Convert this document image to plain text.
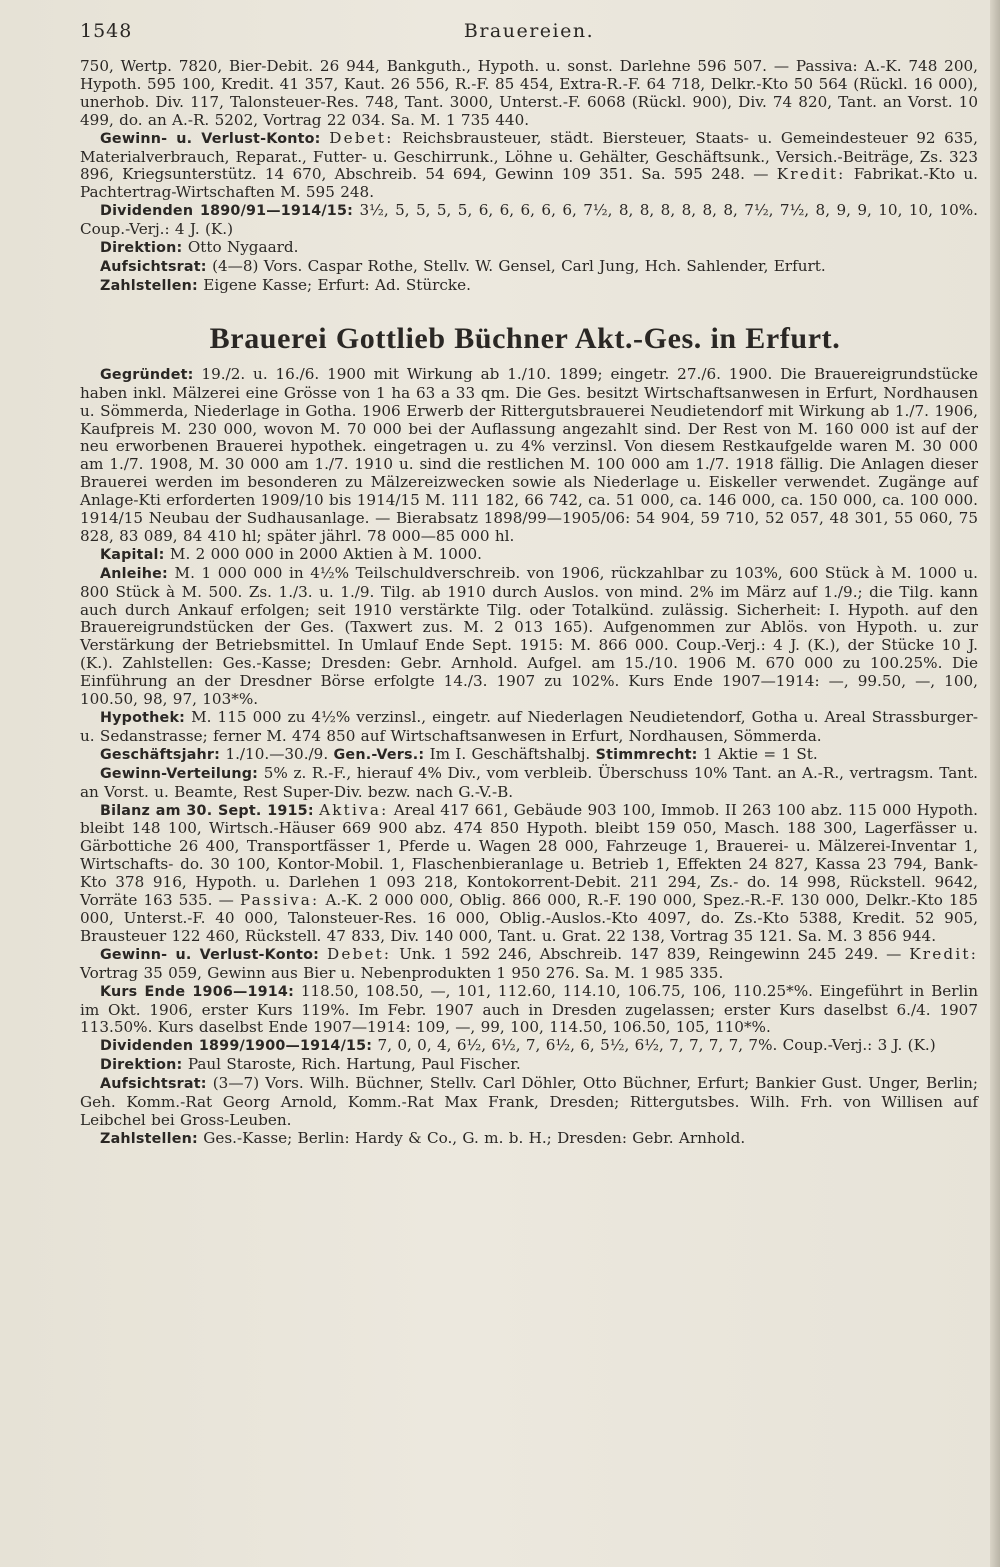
1548	Brauereien.

750, Wertp. 7820, Bier-Debit. 26 944, Bankguth., Hypoth. u. sonst. Darlehne 596 507. — Passiva: A.-K. 748 200, Hypoth. 595 100, Kredit. 41 357, Kaut. 26 556, R.-F. 85 454, Extra-R.-F. 64 718, Delkr.-Kto 50 564 (Rückl. 16 000), unerhob. Div. 117, Talonsteuer-Res. 748, Tant. 3000, Unterst.-F. 6068 (Rückl. 900), Div. 74 820, Tant. an Vorst. 10 499, do. an A.-R. 5202, Vortrag 22 034. Sa. M. 1 735 440.

Gewinn- u. Verlust-Konto: Debet: Reichsbrausteuer, städt. Biersteuer, Staats- u. Gemeindesteuer 92 635, Materialverbrauch, Reparat., Futter- u. Geschirrunk., Löhne u. Gehälter, Geschäftsunk., Versich.-Beiträge, Zs. 323 896, Kriegsunterstütz. 14 670, Abschreib. 54 694, Gewinn 109 351. Sa. 595 248. — Kredit: Fabrikat.-Kto u. Pachtertrag-Wirtschaften M. 595 248.

Dividenden 1890/91—1914/15: 3½, 5, 5, 5, 5, 6, 6, 6, 6, 6, 7½, 8, 8, 8, 8, 8, 8, 7½, 7½, 8, 9, 9, 10, 10, 10%. Coup.-Verj.: 4 J. (K.)

Direktion: Otto Nygaard.

Aufsichtsrat: (4—8) Vors. Caspar Rothe, Stellv. W. Gensel, Carl Jung, Hch. Sahlender, Erfurt.

Zahlstellen: Eigene Kasse; Erfurt: Ad. Stürcke.

Brauerei Gottlieb Büchner Akt.-Ges. in Erfurt.

Gegründet: 19./2. u. 16./6. 1900 mit Wirkung ab 1./10. 1899; eingetr. 27./6. 1900. Die Brauereigrundstücke haben inkl. Mälzerei eine Grösse von 1 ha 63 a 33 qm. Die Ges. besitzt Wirtschaftsanwesen in Erfurt, Nordhausen u. Sömmerda, Niederlage in Gotha. 1906 Erwerb der Rittergutsbrauerei Neudietendorf mit Wirkung ab 1./7. 1906, Kaufpreis M. 230 000, wovon M. 70 000 bei der Auflassung angezahlt sind. Der Rest von M. 160 000 ist auf der neu erworbenen Brauerei hypothek. eingetragen u. zu 4% verzinsl. Von diesem Restkaufgelde waren M. 30 000 am 1./7. 1908, M. 30 000 am 1./7. 1910 u. sind die restlichen M. 100 000 am 1./7. 1918 fällig. Die Anlagen dieser Brauerei werden im besonderen zu Mälzereizwecken sowie als Niederlage u. Eiskeller verwendet. Zugänge auf Anlage-Kti erforderten 1909/10 bis 1914/15 M. 111 182, 66 742, ca. 51 000, ca. 146 000, ca. 150 000, ca. 100 000. 1914/15 Neubau der Sudhausanlage. — Bierabsatz 1898/99—1905/06: 54 904, 59 710, 52 057, 48 301, 55 060, 75 828, 83 089, 84 410 hl; später jährl. 78 000—85 000 hl.

Kapital: M. 2 000 000 in 2000 Aktien à M. 1000.

Anleihe: M. 1 000 000 in 4½% Teilschuldverschreib. von 1906, rückzahlbar zu 103%, 600 Stück à M. 1000 u. 800 Stück à M. 500. Zs. 1./3. u. 1./9. Tilg. ab 1910 durch Auslos. von mind. 2% im März auf 1./9.; die Tilg. kann auch durch Ankauf erfolgen; seit 1910 verstärkte Tilg. oder Totalkünd. zulässig. Sicherheit: I. Hypoth. auf den Brauereigrundstücken der Ges. (Taxwert zus. M. 2 013 165). Aufgenommen zur Ablös. von Hypoth. u. zur Verstärkung der Betriebsmittel. In Umlauf Ende Sept. 1915: M. 866 000. Coup.-Verj.: 4 J. (K.), der Stücke 10 J. (K.). Zahlstellen: Ges.-Kasse; Dresden: Gebr. Arnhold. Aufgel. am 15./10. 1906 M. 670 000 zu 100.25%. Die Einführung an der Dresdner Börse erfolgte 14./3. 1907 zu 102%. Kurs Ende 1907—1914: —, 99.50, —, 100, 100.50, 98, 97, 103*%.

Hypothek: M. 115 000 zu 4½% verzinsl., eingetr. auf Niederlagen Neudietendorf, Gotha u. Areal Strassburger- u. Sedanstrasse; ferner M. 474 850 auf Wirtschaftsanwesen in Erfurt, Nordhausen, Sömmerda.

Geschäftsjahr: 1./10.—30./9. Gen.-Vers.: Im I. Geschäftshalbj. Stimmrecht: 1 Aktie = 1 St.

Gewinn-Verteilung: 5% z. R.-F., hierauf 4% Div., vom verbleib. Überschuss 10% Tant. an A.-R., vertragsm. Tant. an Vorst. u. Beamte, Rest Super-Div. bezw. nach G.-V.-B.

Bilanz am 30. Sept. 1915: Aktiva: Areal 417 661, Gebäude 903 100, Immob. II 263 100 abz. 115 000 Hypoth. bleibt 148 100, Wirtsch.-Häuser 669 900 abz. 474 850 Hypoth. bleibt 159 050, Masch. 188 300, Lagerfässer u. Gärbottiche 26 400, Transportfässer 1, Pferde u. Wagen 28 000, Fahrzeuge 1, Brauerei- u. Mälzerei-Inventar 1, Wirtschafts- do. 30 100, Kontor-Mobil. 1, Flaschenbieranlage u. Betrieb 1, Effekten 24 827, Kassa 23 794, Bank-Kto 378 916, Hypoth. u. Darlehen 1 093 218, Kontokorrent-Debit. 211 294, Zs.- do. 14 998, Rückstell. 9642, Vorräte 163 535. — Passiva: A.-K. 2 000 000, Oblig. 866 000, R.-F. 190 000, Spez.-R.-F. 130 000, Delkr.-Kto 185 000, Unterst.-F. 40 000, Talonsteuer-Res. 16 000, Oblig.-Auslos.-Kto 4097, do. Zs.-Kto 5388, Kredit. 52 905, Brausteuer 122 460, Rückstell. 47 833, Div. 140 000, Tant. u. Grat. 22 138, Vortrag 35 121. Sa. M. 3 856 944.

Gewinn- u. Verlust-Konto: Debet: Unk. 1 592 246, Abschreib. 147 839, Reingewinn 245 249. — Kredit: Vortrag 35 059, Gewinn aus Bier u. Nebenprodukten 1 950 276. Sa. M. 1 985 335.

Kurs Ende 1906—1914: 118.50, 108.50, —, 101, 112.60, 114.10, 106.75, 106, 110.25*%. Eingeführt in Berlin im Okt. 1906, erster Kurs 119%. Im Febr. 1907 auch in Dresden zugelassen; erster Kurs daselbst 6./4. 1907 113.50%. Kurs daselbst Ende 1907—1914: 109, —, 99, 100, 114.50, 106.50, 105, 110*%.

Dividenden 1899/1900—1914/15: 7, 0, 0, 4, 6½, 6½, 7, 6½, 6, 5½, 6½, 7, 7, 7, 7, 7%. Coup.-Verj.: 3 J. (K.)

Direktion: Paul Staroste, Rich. Hartung, Paul Fischer.

Aufsichtsrat: (3—7) Vors. Wilh. Büchner, Stellv. Carl Döhler, Otto Büchner, Erfurt; Bankier Gust. Unger, Berlin; Geh. Komm.-Rat Georg Arnold, Komm.-Rat Max Frank, Dresden; Rittergutsbes. Wilh. Frh. von Willisen auf Leibchel bei Gross-Leuben.

Zahlstellen: Ges.-Kasse; Berlin: Hardy & Co., G. m. b. H.; Dresden: Gebr. Arnhold.
